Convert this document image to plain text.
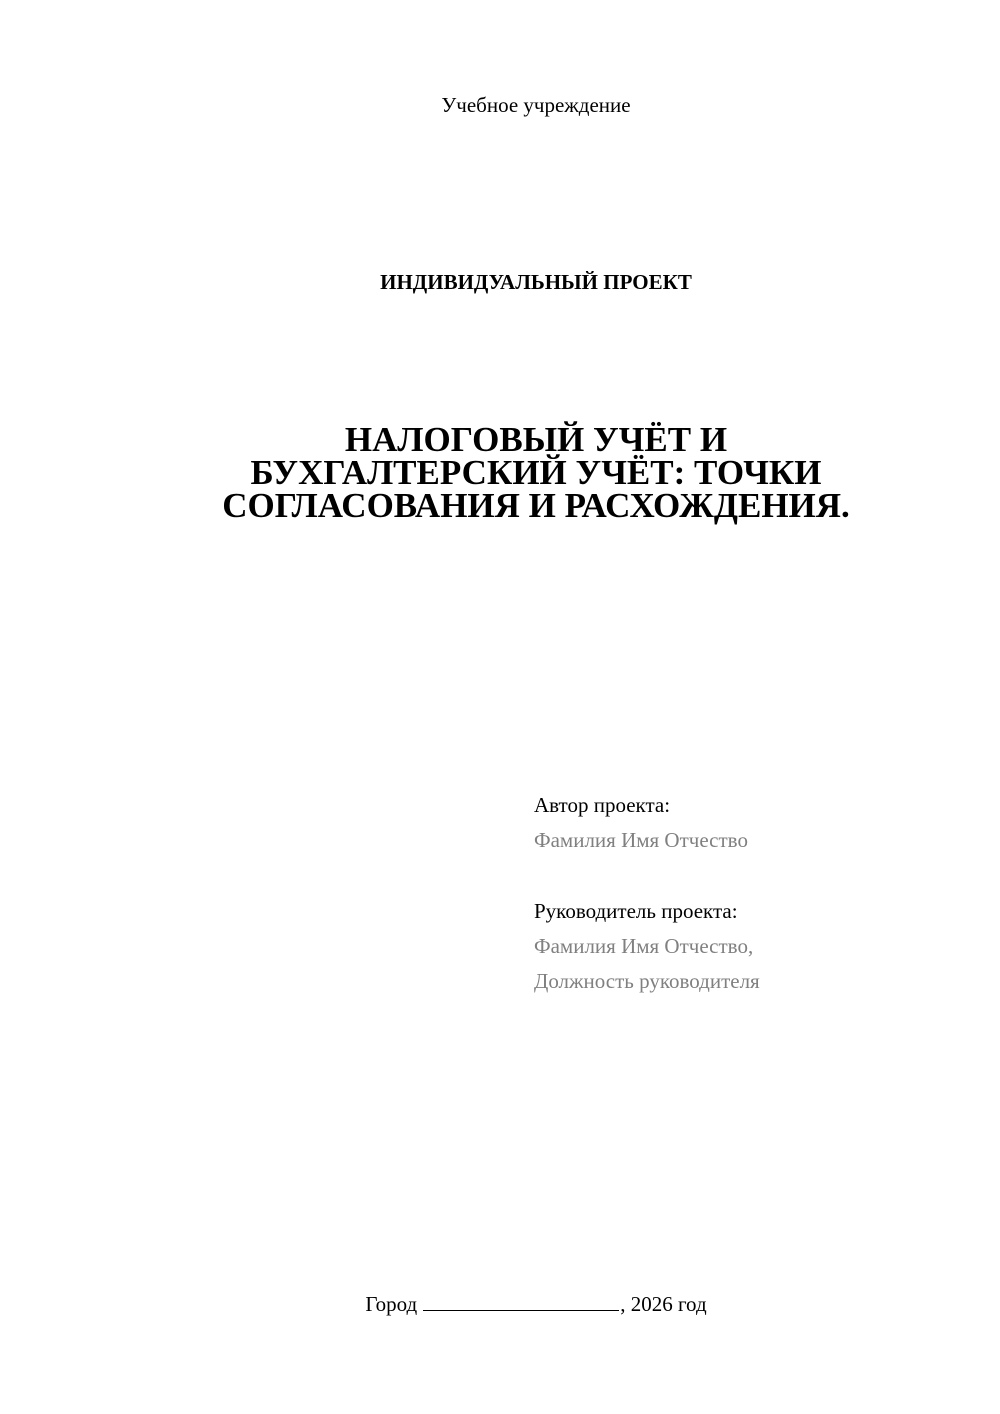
Учебное учреждение
ИНДИВИДУАЛЬНЫЙ ПРОЕКТ
НАЛОГОВЫЙ УЧЁТ И
БУХГАЛТЕРСКИЙ УЧЁТ: ТОЧКИ
СОГЛАСОВАНИЯ И РАСХОЖДЕНИЯ.
Автор проекта:
Фамилия Имя Отчество
Руководитель проекта:
Фамилия Имя Отчество,
Должность руководителя
Город	, 2026 год
